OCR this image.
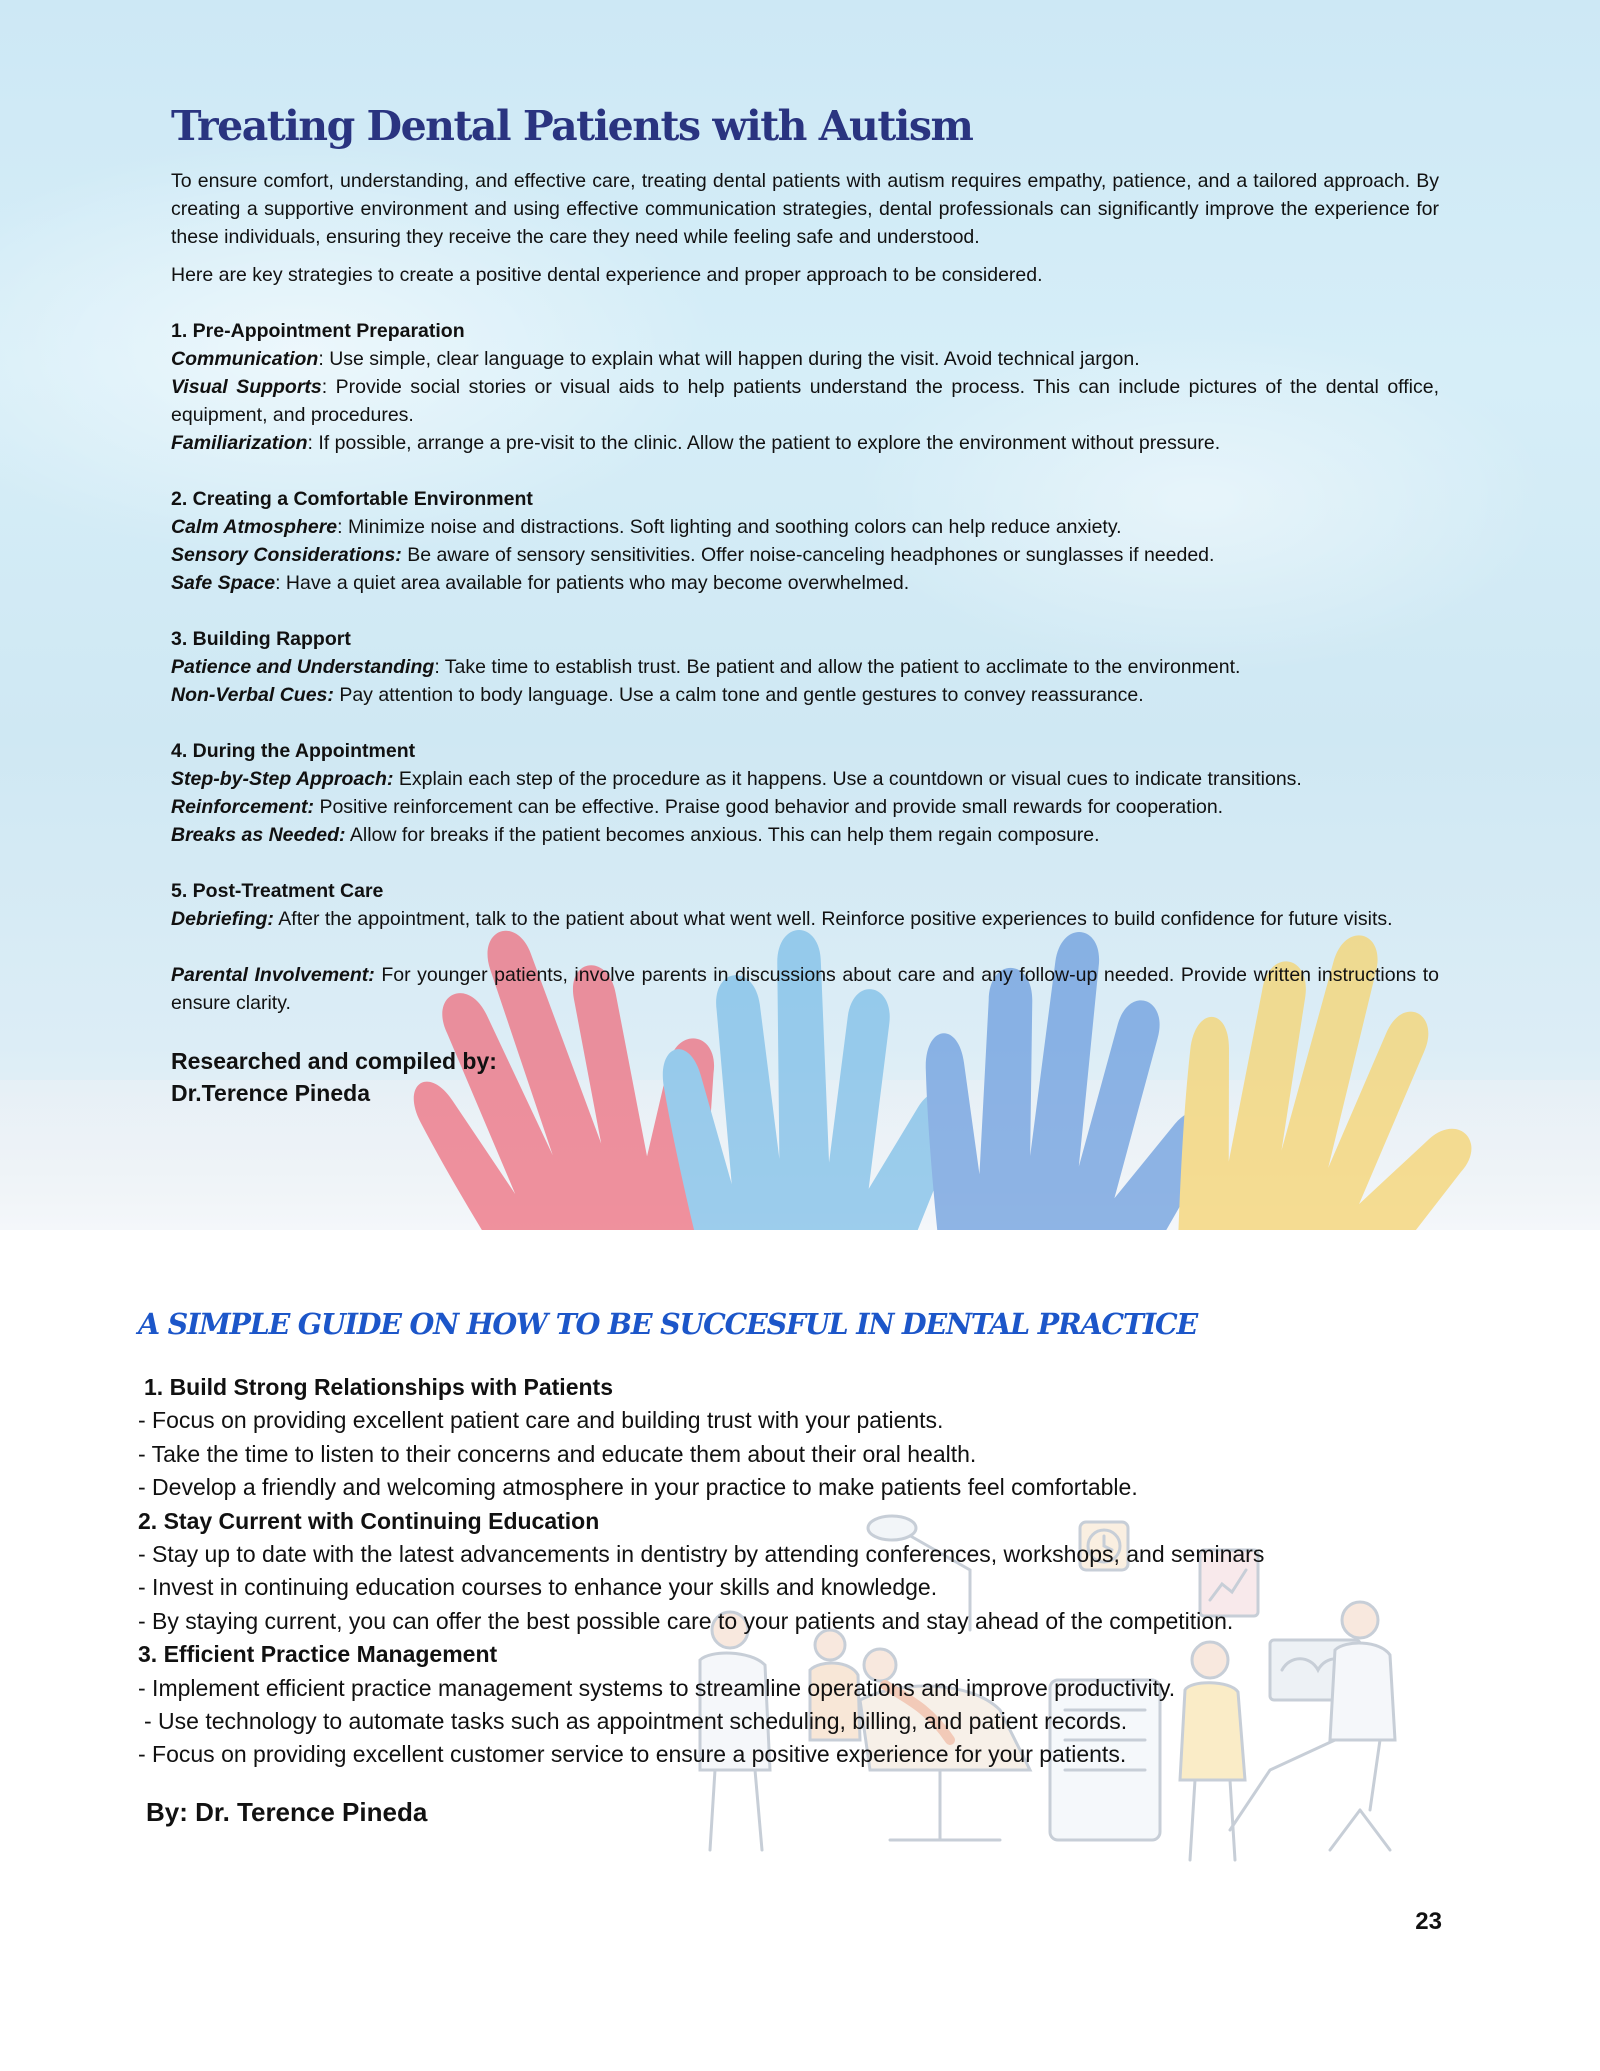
Treating Dental Patients with Autism

To ensure comfort, understanding, and effective care, treating dental patients with autism requires empathy, patience, and a tailored approach. By creating a supportive environment and using effective communication strategies, dental professionals can significantly improve the experience for these individuals, ensuring they receive the care they need while feeling safe and understood.

Here are key strategies to create a positive dental experience and proper approach to be considered.

1. Pre-Appointment Preparation
Communication: Use simple, clear language to explain what will happen during the visit. Avoid technical jargon.
Visual Supports: Provide social stories or visual aids to help patients understand the process. This can include pictures of the dental office, equipment, and procedures.
Familiarization: If possible, arrange a pre-visit to the clinic. Allow the patient to explore the environment without pressure.
2. Creating a Comfortable Environment
Calm Atmosphere: Minimize noise and distractions. Soft lighting and soothing colors can help reduce anxiety.
Sensory Considerations: Be aware of sensory sensitivities. Offer noise-canceling headphones or sunglasses if needed.
Safe Space: Have a quiet area available for patients who may become overwhelmed.
3. Building Rapport
Patience and Understanding: Take time to establish trust. Be patient and allow the patient to acclimate to the environment.
Non-Verbal Cues: Pay attention to body language. Use a calm tone and gentle gestures to convey reassurance.
4. During the Appointment
Step-by-Step Approach: Explain each step of the procedure as it happens. Use a countdown or visual cues to indicate transitions.
Reinforcement: Positive reinforcement can be effective. Praise good behavior and provide small rewards for cooperation.
Breaks as Needed: Allow for breaks if the patient becomes anxious. This can help them regain composure.
5. Post-Treatment Care
Debriefing: After the appointment, talk to the patient about what went well. Reinforce positive experiences to build confidence for future visits.
Parental Involvement: For younger patients, involve parents in discussions about care and any follow-up needed. Provide written instructions to ensure clarity.
Researched and compiled by:
Dr.Terence Pineda
A SIMPLE GUIDE ON HOW TO BE SUCCESFUL IN DENTAL PRACTICE
1. Build Strong Relationships with Patients
- Focus on providing excellent patient care and building trust with your patients.
- Take the time to listen to their concerns and educate them about their oral health.
- Develop a friendly and welcoming atmosphere in your practice to make patients feel comfortable.
2. Stay Current with Continuing Education
- Stay up to date with the latest advancements in dentistry by attending conferences, workshops, and seminars
- Invest in continuing education courses to enhance your skills and knowledge.
- By staying current, you can offer the best possible care to your patients and stay ahead of the competition.
3. Efficient Practice Management
- Implement efficient practice management systems to streamline operations and improve productivity.
- Use technology to automate tasks such as appointment scheduling, billing, and patient records.
- Focus on providing excellent customer service to ensure a positive experience for your patients.
By: Dr. Terence Pineda
23
